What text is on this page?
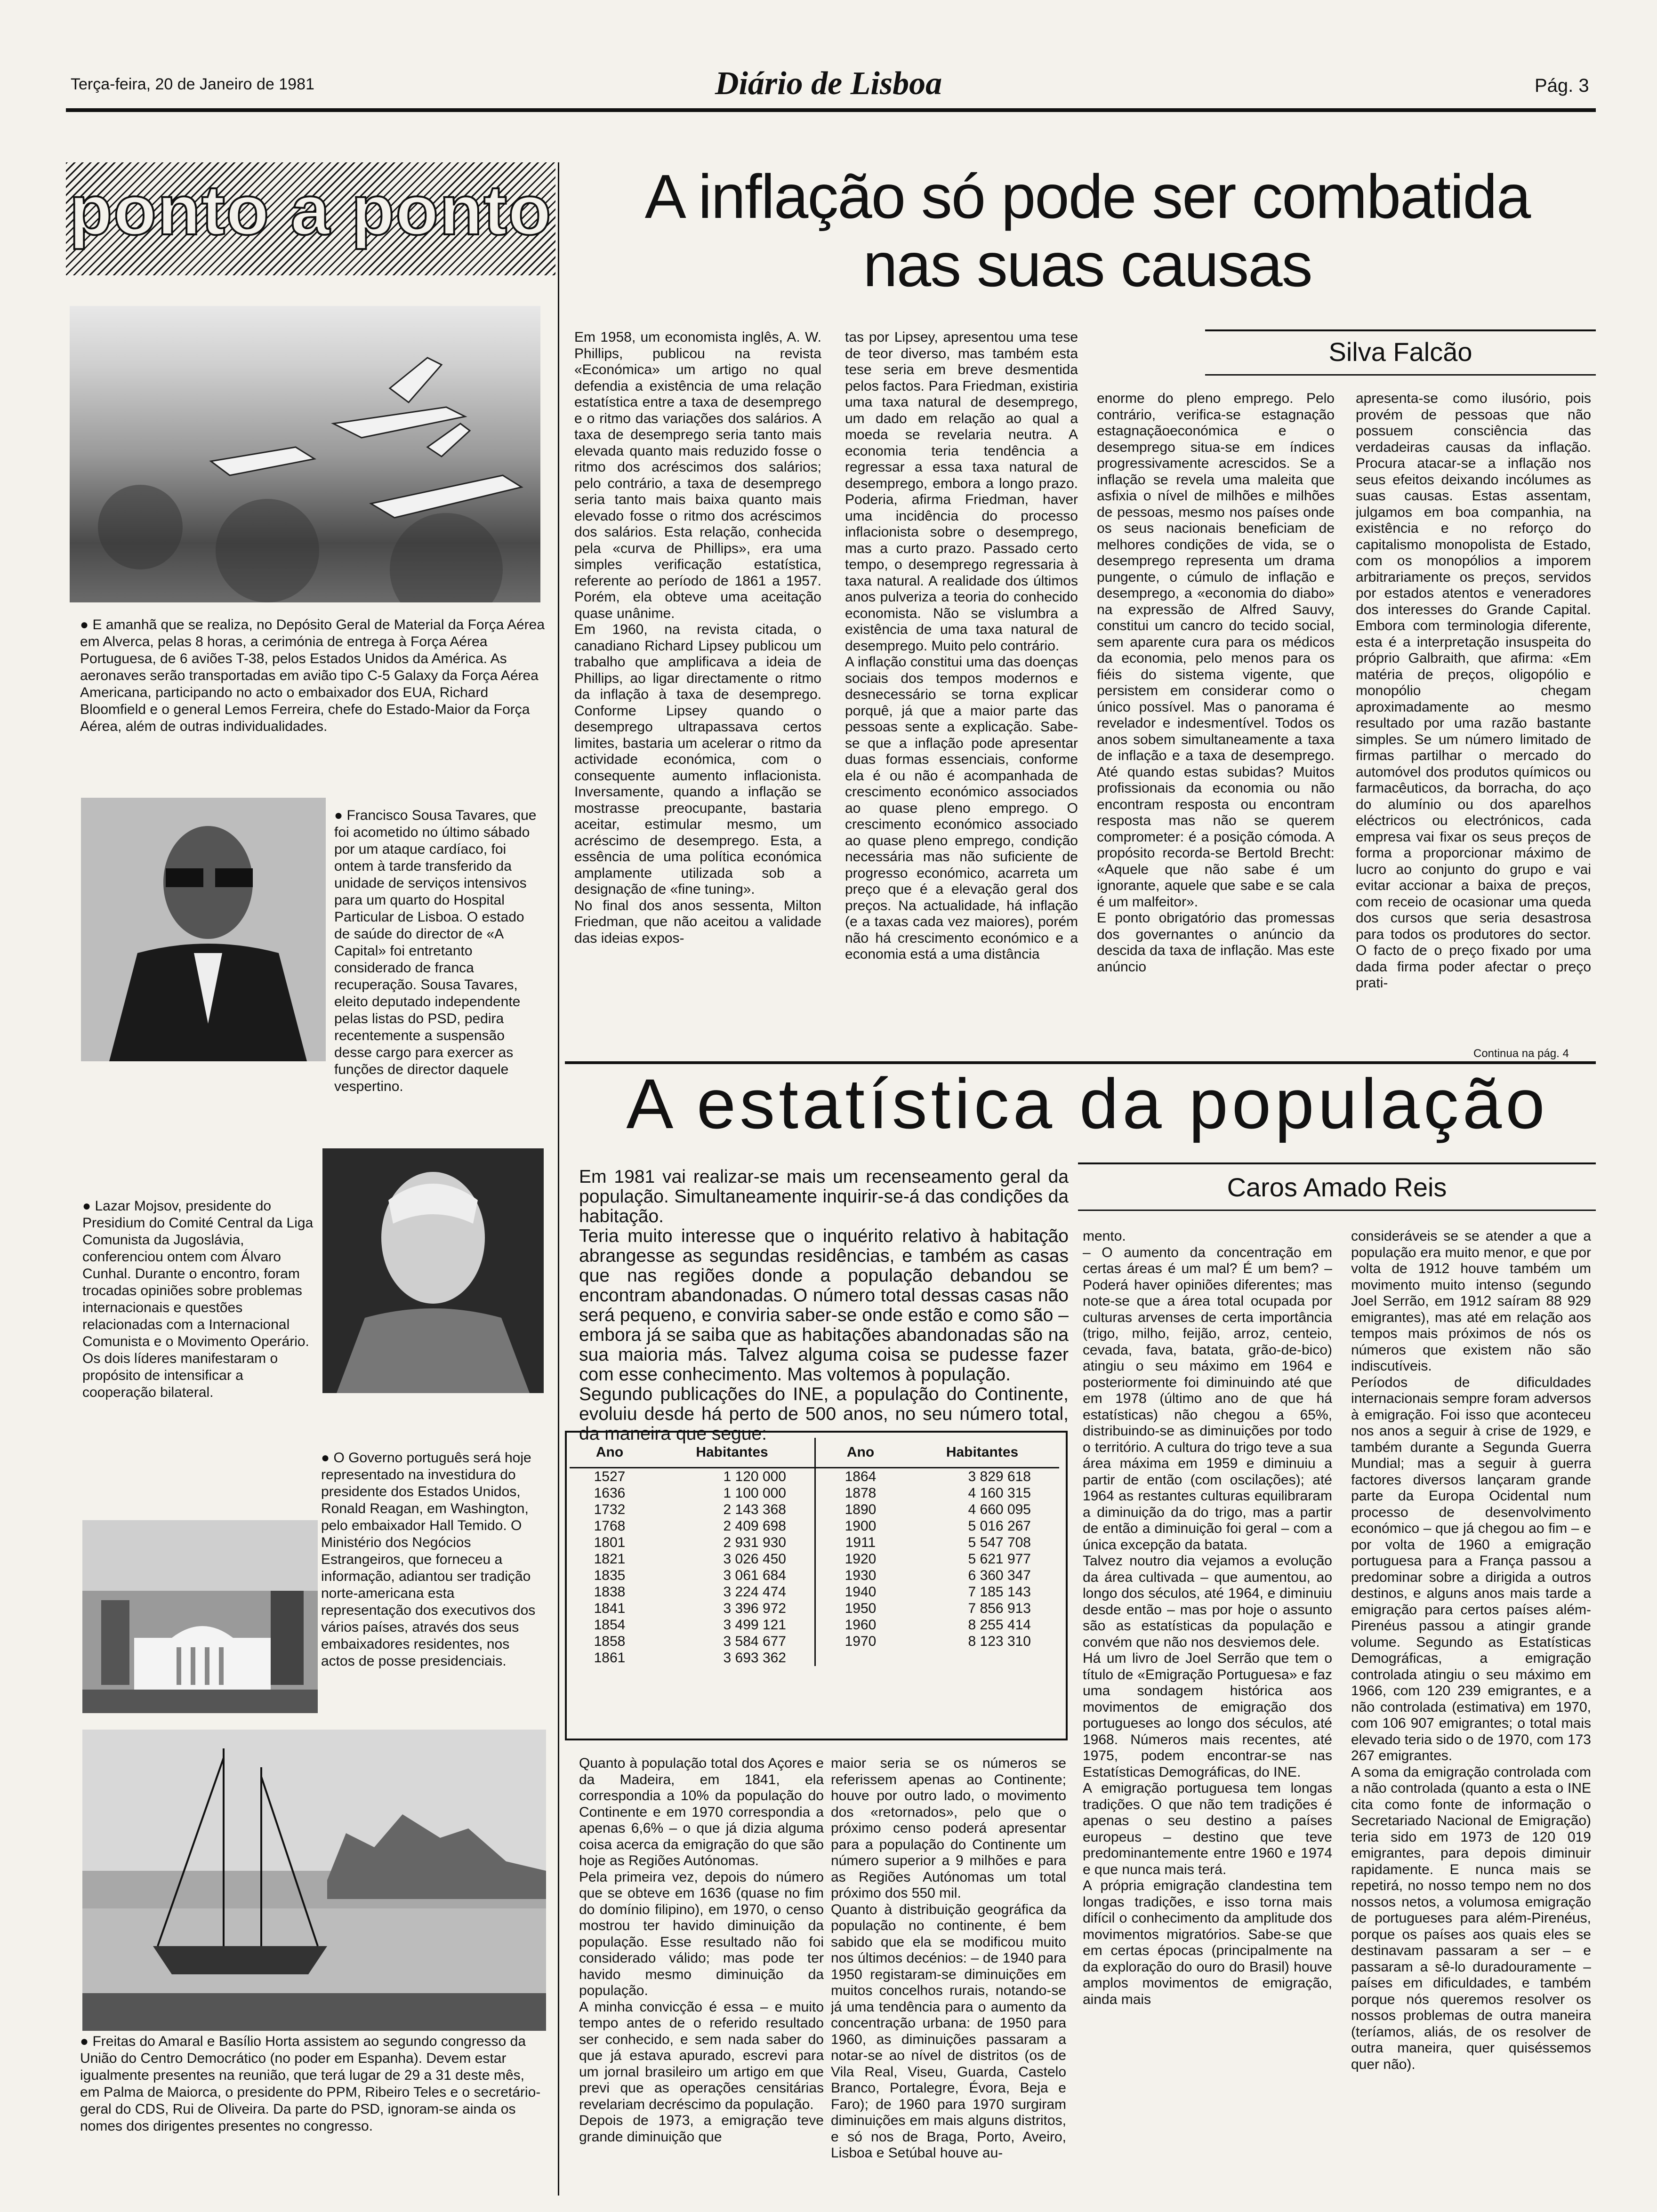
Terça-feira, 20 de Janeiro de 1981	Diário de Lisboa	Pág. 3
ponto a ponto
● E amanhã que se realiza, no Depósito Geral de Material da Força Aérea em Alverca, pelas 8 horas, a cerimónia de entrega à Força Aérea Portuguesa, de 6 aviões T-38, pelos Estados Unidos da América. As aeronaves serão transportadas em avião tipo C-5 Galaxy da Força Aérea Americana, participando no acto o embaixador dos EUA, Richard Bloomfield e o general Lemos Ferreira, chefe do Estado-Maior da Força Aérea, além de outras individualidades.
● Francisco Sousa Tavares, que foi acometido no último sábado por um ataque cardíaco, foi ontem à tarde transferido da unidade de serviços intensivos para um quarto do Hospital Particular de Lisboa. O estado de saúde do director de «A Capital» foi entretanto considerado de franca recuperação. Sousa Tavares, eleito deputado independente pelas listas do PSD, pedira recentemente a suspensão desse cargo para exercer as funções de director daquele vespertino.
● Lazar Mojsov, presidente do Presidium do Comité Central da Liga Comunista da Jugoslávia, conferenciou ontem com Álvaro Cunhal. Durante o encontro, foram trocadas opiniões sobre problemas internacionais e questões relacionadas com a Internacional Comunista e o Movimento Operário. Os dois líderes manifestaram o propósito de intensificar a cooperação bilateral.
● O Governo português será hoje representado na investidura do presidente dos Estados Unidos, Ronald Reagan, em Washington, pelo embaixador Hall Temido. O Ministério dos Negócios Estrangeiros, que forneceu a informação, adiantou ser tradição norte-americana esta representação dos executivos dos vários países, através dos seus embaixadores residentes, nos actos de posse presidenciais.
● Freitas do Amaral e Basílio Horta assistem ao segundo congresso da União do Centro Democrático (no poder em Espanha). Devem estar igualmente presentes na reunião, que terá lugar de 29 a 31 deste mês, em Palma de Maiorca, o presidente do PPM, Ribeiro Teles e o secretário-geral do CDS, Rui de Oliveira. Da parte do PSD, ignoram-se ainda os nomes dos dirigentes presentes no congresso.
A inflação só pode ser combatida
nas suas causas
Silva Falcão
Em 1958, um economista inglês, A. W. Phillips, publicou na revista «Económica» um artigo no qual defendia a existência de uma relação estatística entre a taxa de desemprego e o ritmo das variações dos salários. A taxa de desemprego seria tanto mais elevada quanto mais reduzido fosse o ritmo dos acréscimos dos salários; pelo contrário, a taxa de desemprego seria tanto mais baixa quanto mais elevado fosse o ritmo dos acréscimos dos salários. Esta relação, conhecida pela «curva de Phillips», era uma simples verificação estatística, referente ao período de 1861 a 1957. Porém, ela obteve uma aceitação quase unânime.
Em 1960, na revista citada, o canadiano Richard Lipsey publicou um trabalho que amplificava a ideia de Phillips, ao ligar directamente o ritmo da inflação à taxa de desemprego. Conforme Lipsey quando o desemprego ultrapassava certos limites, bastaria um acelerar o ritmo da actividade económica, com o consequente aumento inflacionista. Inversamente, quando a inflação se mostrasse preocupante, bastaria aceitar, estimular mesmo, um acréscimo de desemprego. Esta, a essência de uma política económica amplamente utilizada sob a designação de «fine tuning».
No final dos anos sessenta, Milton Friedman, que não aceitou a validade das ideias expos-
tas por Lipsey, apresentou uma tese de teor diverso, mas também esta tese seria em breve desmentida pelos factos. Para Friedman, existiria uma taxa natural de desemprego, um dado em relação ao qual a moeda se revelaria neutra. A economia teria tendência a regressar a essa taxa natural de desemprego, embora a longo prazo. Poderia, afirma Friedman, haver uma incidência do processo inflacionista sobre o desemprego, mas a curto prazo. Passado certo tempo, o desemprego regressaria à taxa natural. A realidade dos últimos anos pulveriza a teoria do conhecido economista. Não se vislumbra a existência de uma taxa natural de desemprego. Muito pelo contrário.
A inflação constitui uma das doenças sociais dos tempos modernos e desnecessário se torna explicar porquê, já que a maior parte das pessoas sente a explicação. Sabe-se que a inflação pode apresentar duas formas essenciais, conforme ela é ou não é acompanhada de crescimento económico associados ao quase pleno emprego. O crescimento económico associado ao quase pleno emprego, condição necessária mas não suficiente de progresso económico, acarreta um preço que é a elevação geral dos preços. Na actualidade, há inflação (e a taxas cada vez maiores), porém não há crescimento económico e a economia está a uma distância
enorme do pleno emprego. Pelo contrário, verifica-se estagnação estagnaçãoeconómica e o desemprego situa-se em índices progressivamente acrescidos. Se a inflação se revela uma maleita que asfixia o nível de milhões e milhões de pessoas, mesmo nos países onde os seus nacionais beneficiam de melhores condições de vida, se o desemprego representa um drama pungente, o cúmulo de inflação e desemprego, a «economia do diabo» na expressão de Alfred Sauvy, constitui um cancro do tecido social, sem aparente cura para os médicos da economia, pelo menos para os fiéis do sistema vigente, que persistem em considerar como o único possível. Mas o panorama é revelador e indesmentível. Todos os anos sobem simultaneamente a taxa de inflação e a taxa de desemprego. Até quando estas subidas? Muitos profissionais da economia ou não encontram resposta ou encontram resposta mas não se querem comprometer: é a posição cómoda. A propósito recorda-se Bertold Brecht: «Aquele que não sabe é um ignorante, aquele que sabe e se cala é um malfeitor».
E ponto obrigatório das promessas dos governantes o anúncio da descida da taxa de inflação. Mas este anúncio
apresenta-se como ilusório, pois provém de pessoas que não possuem consciência das verdadeiras causas da inflação. Procura atacar-se a inflação nos seus efeitos deixando incólumes as suas causas. Estas assentam, julgamos em boa companhia, na existência e no reforço do capitalismo monopolista de Estado, com os monopólios a imporem arbitrariamente os preços, servidos por estados atentos e veneradores dos interesses do Grande Capital. Embora com terminologia diferente, esta é a interpretação insuspeita do próprio Galbraith, que afirma: «Em matéria de preços, oligopólio e monopólio chegam aproximadamente ao mesmo resultado por uma razão bastante simples. Se um número limitado de firmas partilhar o mercado do automóvel dos produtos químicos ou farmacêuticos, da borracha, do aço do alumínio ou dos aparelhos eléctricos ou electrónicos, cada empresa vai fixar os seus preços de forma a proporcionar máximo de lucro ao conjunto do grupo e vai evitar accionar a baixa de preços, com receio de ocasionar uma queda dos cursos que seria desastrosa para todos os produtores do sector. O facto de o preço fixado por uma dada firma poder afectar o preço prati-
Continua na pág. 4
A estatística da população
Caros Amado Reis
Em 1981 vai realizar-se mais um recenseamento geral da população. Simultaneamente inquirir-se-á das condições da habitação.
Teria muito interesse que o inquérito relativo à habitação abrangesse as segundas residências, e também as casas que nas regiões donde a população debandou se encontram abandonadas. O número total dessas casas não será pequeno, e conviria saber-se onde estão e como são – embora já se saiba que as habitações abandonadas são na sua maioria más. Talvez alguma coisa se pudesse fazer com esse conhecimento. Mas voltemos à população.
Segundo publicações do INE, a população do Continente, evoluiu desde há perto de 500 anos, no seu número total, da maneira que segue:
Ano	Habitantes	Ano	Habitantes
1527	1 120 000	1864	3 829 618
1636	1 100 000	1878	4 160 315
1732	2 143 368	1890	4 660 095
1768	2 409 698	1900	5 016 267
1801	2 931 930	1911	5 547 708
1821	3 026 450	1920	5 621 977
1835	3 061 684	1930	6 360 347
1838	3 224 474	1940	7 185 143
1841	3 396 972	1950	7 856 913
1854	3 499 121	1960	8 255 414
1858	3 584 677	1970	8 123 310
1861	3 693 362		
Quanto à população total dos Açores e da Madeira, em 1841, ela correspondia a 10% da população do Continente e em 1970 correspondia a apenas 6,6% – o que já dizia alguma coisa acerca da emigração do que são hoje as Regiões Autónomas.
Pela primeira vez, depois do número que se obteve em 1636 (quase no fim do domínio filipino), em 1970, o censo mostrou ter havido diminuição da população. Esse resultado não foi considerado válido; mas pode ter havido mesmo diminuição da população.
A minha convicção é essa – e muito tempo antes de o referido resultado ser conhecido, e sem nada saber do que já estava apurado, escrevi para um jornal brasileiro um artigo em que previ que as operações censitárias revelariam decréscimo da população.
Depois de 1973, a emigração teve grande diminuição que
maior seria se os números se referissem apenas ao Continente; houve por outro lado, o movimento dos «retornados», pelo que o próximo censo poderá apresentar para a população do Continente um número superior a 9 milhões e para as Regiões Autónomas um total próximo dos 550 mil.
Quanto à distribuição geográfica da população no continente, é bem sabido que ela se modificou muito nos últimos decénios: – de 1940 para 1950 registaram-se diminuições em muitos concelhos rurais, notando-se já uma tendência para o aumento da concentração urbana: de 1950 para 1960, as diminuições passaram a notar-se ao nível de distritos (os de Vila Real, Viseu, Guarda, Castelo Branco, Portalegre, Évora, Beja e Faro); de 1960 para 1970 surgiram diminuições em mais alguns distritos, e só nos de Braga, Porto, Aveiro, Lisboa e Setúbal houve au-
mento.
– O aumento da concentração em certas áreas é um mal? É um bem? – Poderá haver opiniões diferentes; mas note-se que a área total ocupada por culturas arvenses de certa importância (trigo, milho, feijão, arroz, centeio, cevada, fava, batata, grão-de-bico) atingiu o seu máximo em 1964 e posteriormente foi diminuindo até que em 1978 (último ano de que há estatísticas) não chegou a 65%, distribuindo-se as diminuições por todo o território. A cultura do trigo teve a sua área máxima em 1959 e diminuiu a partir de então (com oscilações); até 1964 as restantes culturas equilibraram a diminuição da do trigo, mas a partir de então a diminuição foi geral – com a única excepção da batata.
Talvez noutro dia vejamos a evolução da área cultivada – que aumentou, ao longo dos séculos, até 1964, e diminuiu desde então – mas por hoje o assunto são as estatísticas da população e convém que não nos desviemos dele.
Há um livro de Joel Serrão que tem o título de «Emigração Portuguesa» e faz uma sondagem histórica aos movimentos de emigração dos portugueses ao longo dos séculos, até 1968. Números mais recentes, até 1975, podem encontrar-se nas Estatísticas Demográficas, do INE.
A emigração portuguesa tem longas tradições. O que não tem tradições é apenas o seu destino a países europeus – destino que teve predominantemente entre 1960 e 1974 e que nunca mais terá.
A própria emigração clandestina tem longas tradições, e isso torna mais difícil o conhecimento da amplitude dos movimentos migratórios. Sabe-se que em certas épocas (principalmente na da exploração do ouro do Brasil) houve amplos movimentos de emigração, ainda mais
consideráveis se se atender a que a população era muito menor, e que por volta de 1912 houve também um movimento muito intenso (segundo Joel Serrão, em 1912 saíram 88 929 emigrantes), mas até em relação aos tempos mais próximos de nós os números que existem não são indiscutíveis.
Períodos de dificuldades internacionais sempre foram adversos à emigração. Foi isso que aconteceu nos anos a seguir à crise de 1929, e também durante a Segunda Guerra Mundial; mas a seguir à guerra factores diversos lançaram grande parte da Europa Ocidental num processo de desenvolvimento económico – que já chegou ao fim – e por volta de 1960 a emigração portuguesa para a França passou a predominar sobre a dirigida a outros destinos, e alguns anos mais tarde a emigração para certos países além-Pirenéus passou a atingir grande volume. Segundo as Estatísticas Demográficas, a emigração controlada atingiu o seu máximo em 1966, com 120 239 emigrantes, e a não controlada (estimativa) em 1970, com 106 907 emigrantes; o total mais elevado teria sido o de 1970, com 173 267 emigrantes.
A soma da emigração controlada com a não controlada (quanto a esta o INE cita como fonte de informação o Secretariado Nacional de Emigração) teria sido em 1973 de 120 019 emigrantes, para depois diminuir rapidamente. E nunca mais se repetirá, no nosso tempo nem no dos nossos netos, a volumosa emigração de portugueses para além-Pirenéus, porque os países aos quais eles se destinavam passaram a ser – e passaram a sê-lo duradouramente – países em dificuldades, e também porque nós queremos resolver os nossos problemas de outra maneira (teríamos, aliás, de os resolver de outra maneira, quer quiséssemos quer não).
